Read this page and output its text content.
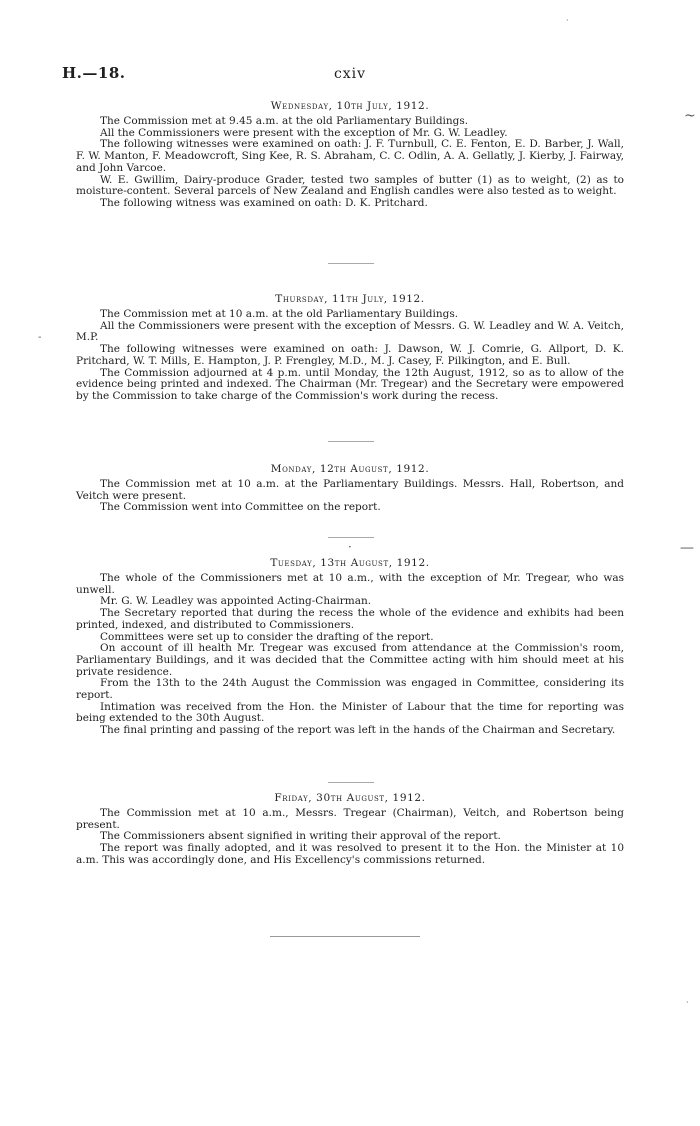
H.—18.	cxiv
Wednesday, 10th July, 1912.

The Commission met at 9.45 a.m. at the old Parliamentary Buildings.

All the Commissioners were present with the exception of Mr. G. W. Leadley.

The following witnesses were examined on oath: J. F. Turnbull, C. E. Fenton, E. D. Barber, J. Wall, F. W. Manton, F. Meadowcroft, Sing Kee, R. S. Abraham, C. C. Odlin, A. A. Gellatly, J. Kierby, J. Fairway, and John Varcoe.

W. E. Gwillim, Dairy-produce Grader, tested two samples of butter (1) as to weight, (2) as to moisture-content. Several parcels of New Zealand and English candles were also tested as to weight.

The following witness was examined on oath: D. K. Pritchard.

Thursday, 11th July, 1912.

The Commission met at 10 a.m. at the old Parliamentary Buildings.

All the Commissioners were present with the exception of Messrs. G. W. Leadley and W. A. Veitch, M.P.

The following witnesses were examined on oath: J. Dawson, W. J. Comrie, G. Allport, D. K. Pritchard, W. T. Mills, E. Hampton, J. P. Frengley, M.D., M. J. Casey, F. Pilkington, and E. Bull.

The Commission adjourned at 4 p.m. until Monday, the 12th August, 1912, so as to allow of the evidence being printed and indexed. The Chairman (Mr. Tregear) and the Secretary were empowered by the Commission to take charge of the Commission's work during the recess.

Monday, 12th August, 1912.

The Commission met at 10 a.m. at the Parliamentary Buildings. Messrs. Hall, Robertson, and Veitch were present.

The Commission went into Committee on the report.

·
Tuesday, 13th August, 1912.

The whole of the Commissioners met at 10 a.m., with the exception of Mr. Tregear, who was unwell.

Mr. G. W. Leadley was appointed Acting-Chairman.

The Secretary reported that during the recess the whole of the evidence and exhibits had been printed, indexed, and distributed to Commissioners.

Committees were set up to consider the drafting of the report.

On account of ill health Mr. Tregear was excused from attendance at the Commission's room, Parliamentary Buildings, and it was decided that the Committee acting with him should meet at his private residence.

From the 13th to the 24th August the Commission was engaged in Committee, considering its report.

Intimation was received from the Hon. the Minister of Labour that the time for reporting was being extended to the 30th August.

The final printing and passing of the report was left in the hands of the Chairman and Secretary.

Friday, 30th August, 1912.

The Commission met at 10 a.m., Messrs. Tregear (Chairman), Veitch, and Robertson being present.

The Commissioners absent signified in writing their approval of the report.

The report was finally adopted, and it was resolved to present it to the Hon. the Minister at 10 a.m. This was accordingly done, and His Excellency's commissions returned.

~
—
-
·
·
